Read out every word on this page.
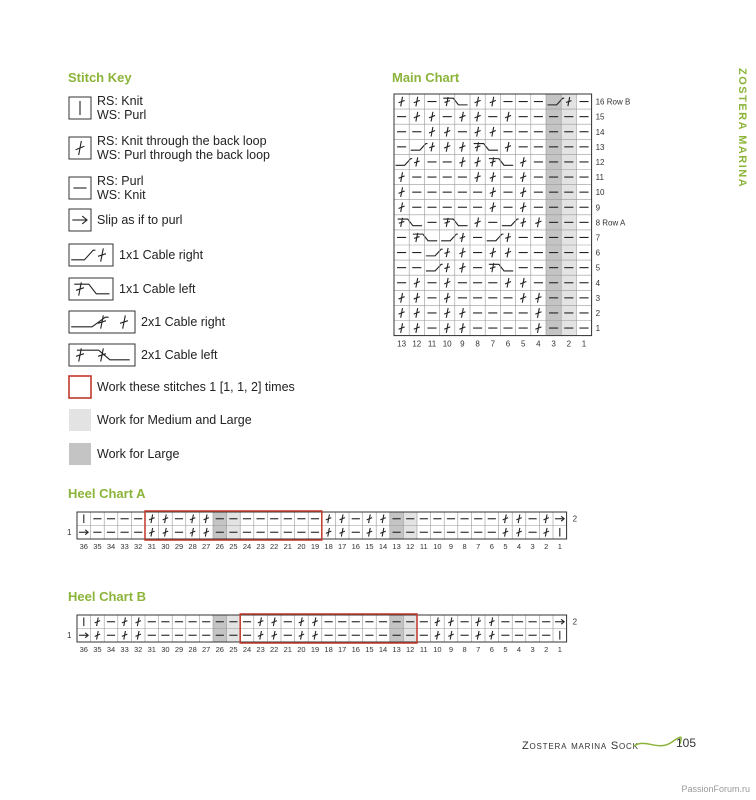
ZOSTERA MARINA
Stitch Key
RS: Knit
WS: Purl
RS: Knit through the back loop
WS: Purl through the back loop
RS: Purl
WS: Knit
Slip as if to purl
1x1 Cable right
1x1 Cable left
2x1 Cable right
2x1 Cable left
Work these stitches 1 [1, 1, 2] times
Work for Medium and Large
Work for Large
Main Chart
16 Row B
15
14
13
12
11
10
9
8 Row A
7
6
5
4
3
2
1
13 12 11 10 9 8 7 6 5 4 3 2 1
36 35 34 33 32 31 30 29 28 27 26 25 24 23 22 21 20 19 18 17 16 15 14 13 12 11 10 9 8 7 6 5 4 3 2 1
2
1
36 35 34 33 32 31 30 29 28 27 26 25 24 23 22 21 20 19 18 17 16 15 14 13 12 11 10 9 8 7 6 5 4 3 2 1
2
1
Heel Chart A
Heel Chart B
Zostera marina Sock	105
PassionForum.ru
